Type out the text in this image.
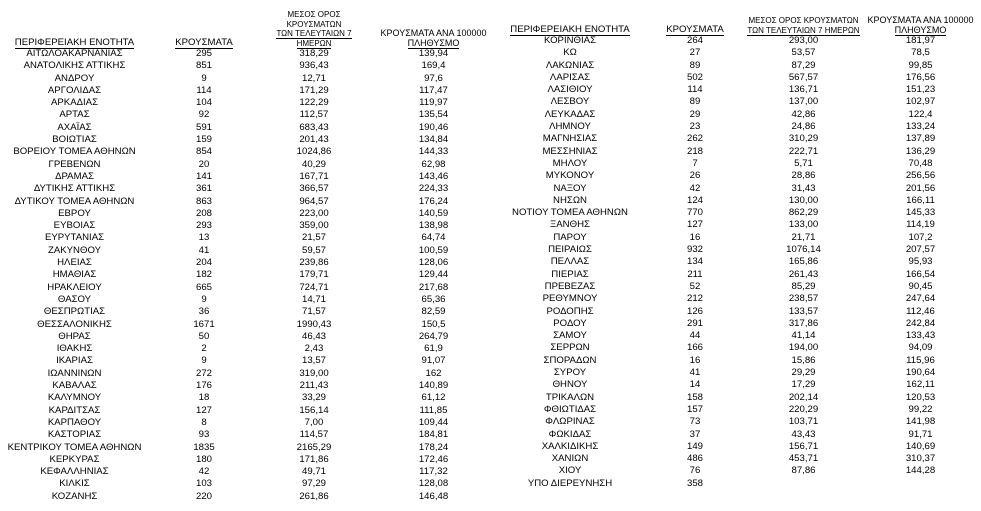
ΠΕΡΙΦΕΡΕΙΑΚΗ ΕΝΟΤΗΤΑ	ΚΡΟΥΣΜΑΤΑ	ΜΕΣΟΣ ΟΡΟΣ ΚΡΟΥΣΜΑΤΩΝ
ΤΩΝ ΤΕΛΕΥΤΑΙΩΝ 7 ΗΜΕΡΩΝ	ΚΡΟΥΣΜΑΤΑ ΑΝΑ 100000
ΠΛΗΘΥΣΜΟ
ΑΙΤΩΛΟΑΚΑΡΝΑΝΙΑΣ	295	318,29	139,94
ΑΝΑΤΟΛΙΚΗΣ ΑΤΤΙΚΗΣ	851	936,43	169,4
ΑΝΔΡΟΥ	9	12,71	97,6
ΑΡΓΟΛΙΔΑΣ	114	171,29	117,47
ΑΡΚΑΔΙΑΣ	104	122,29	119,97
ΑΡΤΑΣ	92	112,57	135,54
ΑΧΑΪΑΣ	591	683,43	190,46
ΒΟΙΩΤΙΑΣ	159	201,43	134,84
ΒΟΡΕΙΟΥ ΤΟΜΕΑ ΑΘΗΝΩΝ	854	1024,86	144,33
ΓΡΕΒΕΝΩΝ	20	40,29	62,98
ΔΡΑΜΑΣ	141	167,71	143,46
ΔΥΤΙΚΗΣ ΑΤΤΙΚΗΣ	361	366,57	224,33
ΔΥΤΙΚΟΥ ΤΟΜΕΑ ΑΘΗΝΩΝ	863	964,57	176,24
ΕΒΡΟΥ	208	223,00	140,59
ΕΥΒΟΙΑΣ	293	359,00	138,98
ΕΥΡΥΤΑΝΙΑΣ	13	21,57	64,74
ΖΑΚΥΝΘΟΥ	41	59,57	100,59
ΗΛΕΙΑΣ	204	239,86	128,06
ΗΜΑΘΙΑΣ	182	179,71	129,44
ΗΡΑΚΛΕΙΟΥ	665	724,71	217,68
ΘΑΣΟΥ	9	14,71	65,36
ΘΕΣΠΡΩΤΙΑΣ	36	71,57	82,59
ΘΕΣΣΑΛΟΝΙΚΗΣ	1671	1990,43	150,5
ΘΗΡΑΣ	50	46,43	264,79
ΙΘΑΚΗΣ	2	2,43	61,9
ΙΚΑΡΙΑΣ	9	13,57	91,07
ΙΩΑΝΝΙΝΩΝ	272	319,00	162
ΚΑΒΑΛΑΣ	176	211,43	140,89
ΚΑΛΥΜΝΟΥ	18	33,29	61,12
ΚΑΡΔΙΤΣΑΣ	127	156,14	111,85
ΚΑΡΠΑΘΟΥ	8	7,00	109,44
ΚΑΣΤΟΡΙΑΣ	93	114,57	184,81
ΚΕΝΤΡΙΚΟΥ ΤΟΜΕΑ ΑΘΗΝΩΝ	1835	2165,29	178,24
ΚΕΡΚΥΡΑΣ	180	171,86	172,46
ΚΕΦΑΛΛΗΝΙΑΣ	42	49,71	117,32
ΚΙΛΚΙΣ	103	97,29	128,08
ΚΟΖΑΝΗΣ	220	261,86	146,48
ΠΕΡΙΦΕΡΕΙΑΚΗ ΕΝΟΤΗΤΑ	ΚΡΟΥΣΜΑΤΑ	ΜΕΣΟΣ ΟΡΟΣ ΚΡΟΥΣΜΑΤΩΝ
ΤΩΝ ΤΕΛΕΥΤΑΙΩΝ 7 ΗΜΕΡΩΝ	ΚΡΟΥΣΜΑΤΑ ΑΝΑ 100000
ΠΛΗΘΥΣΜΟ
ΚΟΡΙΝΘΙΑΣ	264	293,00	181,97
ΚΩ	27	53,57	78,5
ΛΑΚΩΝΙΑΣ	89	87,29	99,85
ΛΑΡΙΣΑΣ	502	567,57	176,56
ΛΑΣΙΘΙΟΥ	114	136,71	151,23
ΛΕΣΒΟΥ	89	137,00	102,97
ΛΕΥΚΑΔΑΣ	29	42,86	122,4
ΛΗΜΝΟΥ	23	24,86	133,24
ΜΑΓΝΗΣΙΑΣ	262	310,29	137,89
ΜΕΣΣΗΝΙΑΣ	218	222,71	136,29
ΜΗΛΟΥ	7	5,71	70,48
ΜΥΚΟΝΟΥ	26	28,86	256,56
ΝΑΞΟΥ	42	31,43	201,56
ΝΗΣΩΝ	124	130,00	166,11
ΝΟΤΙΟΥ ΤΟΜΕΑ ΑΘΗΝΩΝ	770	862,29	145,33
ΞΑΝΘΗΣ	127	133,00	114,19
ΠΑΡΟΥ	16	21,71	107,2
ΠΕΙΡΑΙΩΣ	932	1076,14	207,57
ΠΕΛΛΑΣ	134	165,86	95,93
ΠΙΕΡΙΑΣ	211	261,43	166,54
ΠΡΕΒΕΖΑΣ	52	85,29	90,45
ΡΕΘΥΜΝΟΥ	212	238,57	247,64
ΡΟΔΟΠΗΣ	126	133,57	112,46
ΡΟΔΟΥ	291	317,86	242,84
ΣΑΜΟΥ	44	41,14	133,43
ΣΕΡΡΩΝ	166	194,00	94,09
ΣΠΟΡΑΔΩΝ	16	15,86	115,96
ΣΥΡΟΥ	41	29,29	190,64
ΘΗΝΟΥ	14	17,29	162,11
ΤΡΙΚΑΛΩΝ	158	202,14	120,53
ΦΘΙΩΤΙΔΑΣ	157	220,29	99,22
ΦΛΩΡΙΝΑΣ	73	103,71	141,98
ΦΩΚΙΔΑΣ	37	43,43	91,71
ΧΑΛΚΙΔΙΚΗΣ	149	156,71	140,69
ΧΑΝΙΩΝ	486	453,71	310,37
ΧΙΟΥ	76	87,86	144,28
ΥΠΟ ΔΙΕΡΕΥΝΗΣΗ	358		
